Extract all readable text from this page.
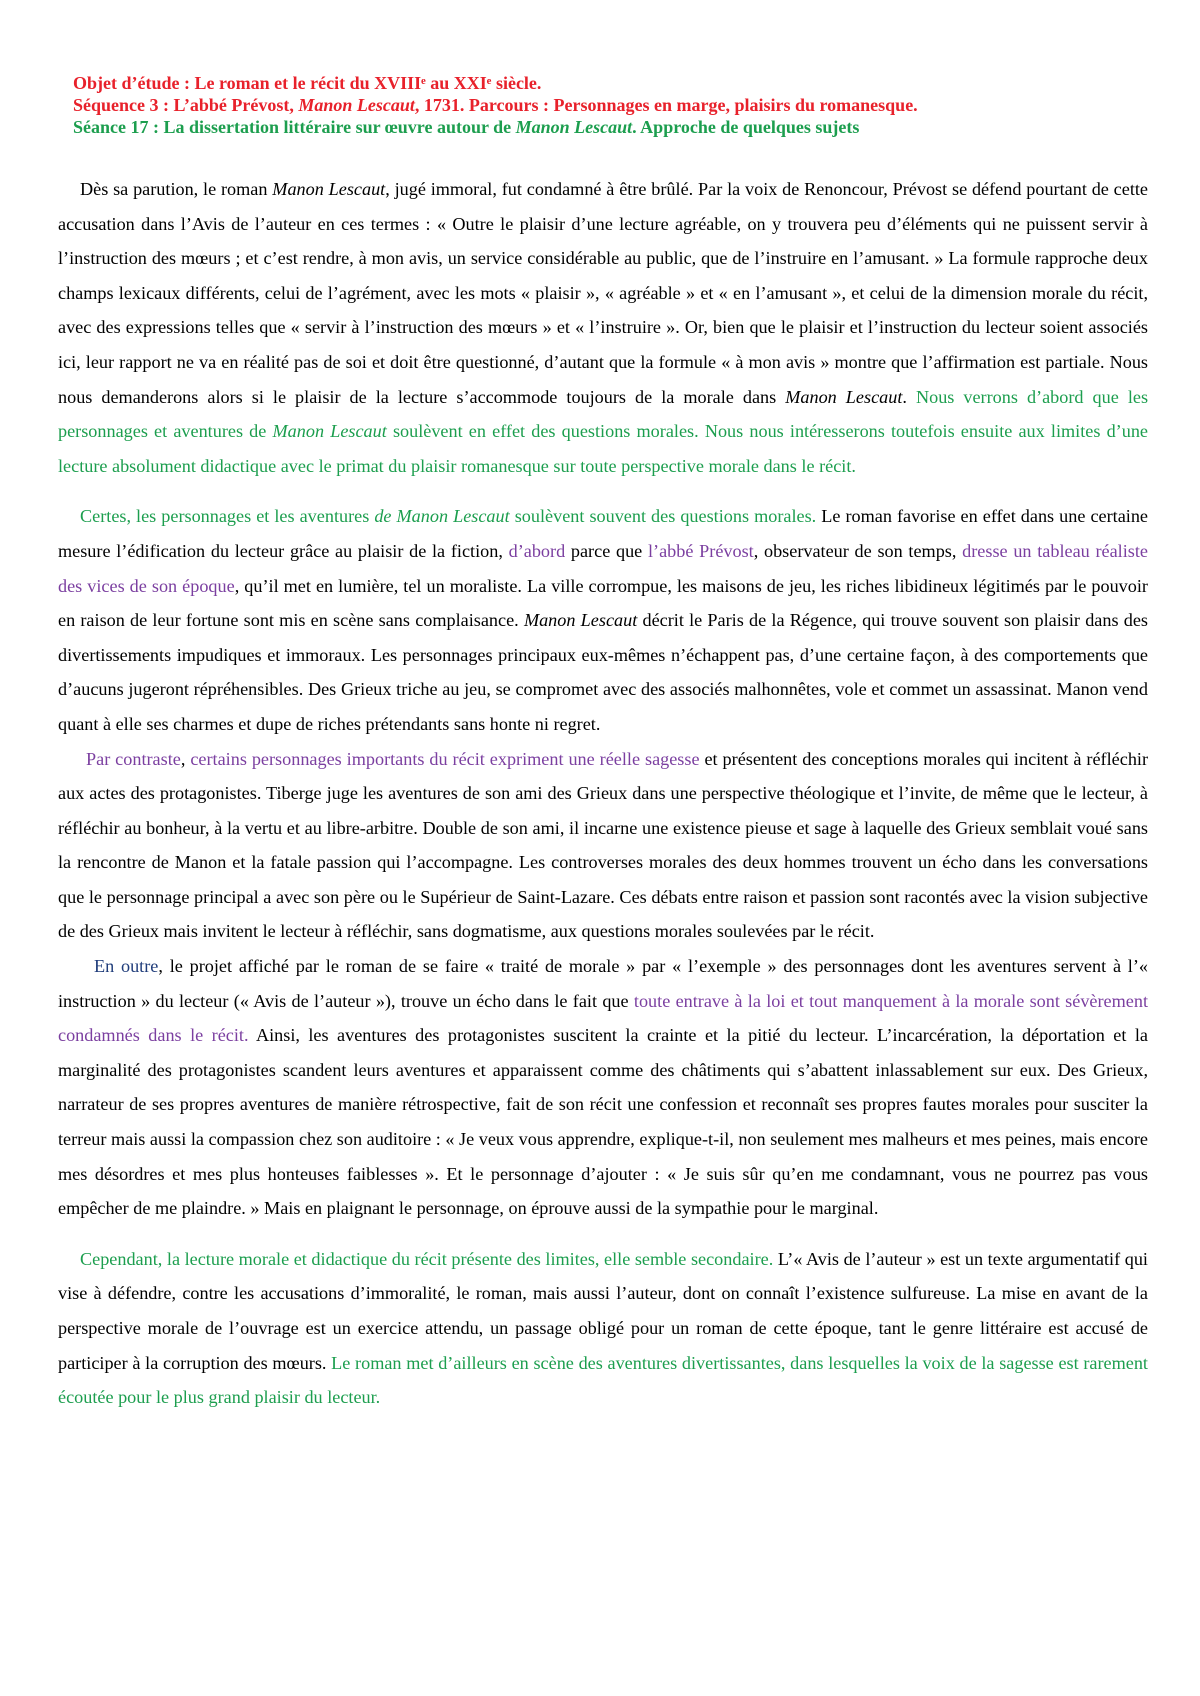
Objet d’étude : Le roman et le récit du XVIIIᵉ au XXIᵉ siècle.
Séquence 3 : L’abbé Prévost, Manon Lescaut, 1731. Parcours : Personnages en marge, plaisirs du romanesque.
Séance 17 : La dissertation littéraire sur œuvre autour de Manon Lescaut. Approche de quelques sujets

Dès sa parution, le roman Manon Lescaut, jugé immoral, fut condamné à être brûlé. Par la voix de Renoncour, Prévost se défend pourtant de cette accusation dans l’Avis de l’auteur en ces termes : « Outre le plaisir d’une lecture agréable, on y trouvera peu d’éléments qui ne puissent servir à l’instruction des mœurs ; et c’est rendre, à mon avis, un service considérable au public, que de l’instruire en l’amusant. » La formule rapproche deux champs lexicaux différents, celui de l’agrément, avec les mots « plaisir », « agréable » et « en l’amusant », et celui de la dimension morale du récit, avec des expressions telles que « servir à l’instruction des mœurs » et « l’instruire ». Or, bien que le plaisir et l’instruction du lecteur soient associés ici, leur rapport ne va en réalité pas de soi et doit être questionné, d’autant que la formule « à mon avis » montre que l’affirmation est partiale. Nous nous demanderons alors si le plaisir de la lecture s’accommode toujours de la morale dans Manon Lescaut. Nous verrons d’abord que les personnages et aventures de Manon Lescaut soulèvent en effet des questions morales. Nous nous intéresserons toutefois ensuite aux limites d’une lecture absolument didactique avec le primat du plaisir romanesque sur toute perspective morale dans le récit.

Certes, les personnages et les aventures de Manon Lescaut soulèvent souvent des questions morales. Le roman favorise en effet dans une certaine mesure l’édification du lecteur grâce au plaisir de la fiction, d’abord parce que l’abbé Prévost, observateur de son temps, dresse un tableau réaliste des vices de son époque, qu’il met en lumière, tel un moraliste. La ville corrompue, les maisons de jeu, les riches libidineux légitimés par le pouvoir en raison de leur fortune sont mis en scène sans complaisance. Manon Lescaut décrit le Paris de la Régence, qui trouve souvent son plaisir dans des divertissements impudiques et immoraux. Les personnages principaux eux-mêmes n’échappent pas, d’une certaine façon, à des comportements que d’aucuns jugeront répréhensibles. Des Grieux triche au jeu, se compromet avec des associés malhonnêtes, vole et commet un assassinat. Manon vend quant à elle ses charmes et dupe de riches prétendants sans honte ni regret.

Par contraste, certains personnages importants du récit expriment une réelle sagesse et présentent des conceptions morales qui incitent à réfléchir aux actes des protagonistes. Tiberge juge les aventures de son ami des Grieux dans une perspective théologique et l’invite, de même que le lecteur, à réfléchir au bonheur, à la vertu et au libre-arbitre. Double de son ami, il incarne une existence pieuse et sage à laquelle des Grieux semblait voué sans la rencontre de Manon et la fatale passion qui l’accompagne. Les controverses morales des deux hommes trouvent un écho dans les conversations que le personnage principal a avec son père ou le Supérieur de Saint-Lazare. Ces débats entre raison et passion sont racontés avec la vision subjective de des Grieux mais invitent le lecteur à réfléchir, sans dogmatisme, aux questions morales soulevées par le récit.

En outre, le projet affiché par le roman de se faire « traité de morale » par « l’exemple » des personnages dont les aventures servent à l’« instruction » du lecteur (« Avis de l’auteur »), trouve un écho dans le fait que toute entrave à la loi et tout manquement à la morale sont sévèrement condamnés dans le récit. Ainsi, les aventures des protagonistes suscitent la crainte et la pitié du lecteur. L’incarcération, la déportation et la marginalité des protagonistes scandent leurs aventures et apparaissent comme des châtiments qui s’abattent inlassablement sur eux. Des Grieux, narrateur de ses propres aventures de manière rétrospective, fait de son récit une confession et reconnaît ses propres fautes morales pour susciter la terreur mais aussi la compassion chez son auditoire : « Je veux vous apprendre, explique-t-il, non seulement mes malheurs et mes peines, mais encore mes désordres et mes plus honteuses faiblesses ». Et le personnage d’ajouter : « Je suis sûr qu’en me condamnant, vous ne pourrez pas vous empêcher de me plaindre. » Mais en plaignant le personnage, on éprouve aussi de la sympathie pour le marginal.

Cependant, la lecture morale et didactique du récit présente des limites, elle semble secondaire. L’« Avis de l’auteur » est un texte argumentatif qui vise à défendre, contre les accusations d’immoralité, le roman, mais aussi l’auteur, dont on connaît l’existence sulfureuse. La mise en avant de la perspective morale de l’ouvrage est un exercice attendu, un passage obligé pour un roman de cette époque, tant le genre littéraire est accusé de participer à la corruption des mœurs. Le roman met d’ailleurs en scène des aventures divertissantes, dans lesquelles la voix de la sagesse est rarement écoutée pour le plus grand plaisir du lecteur.
